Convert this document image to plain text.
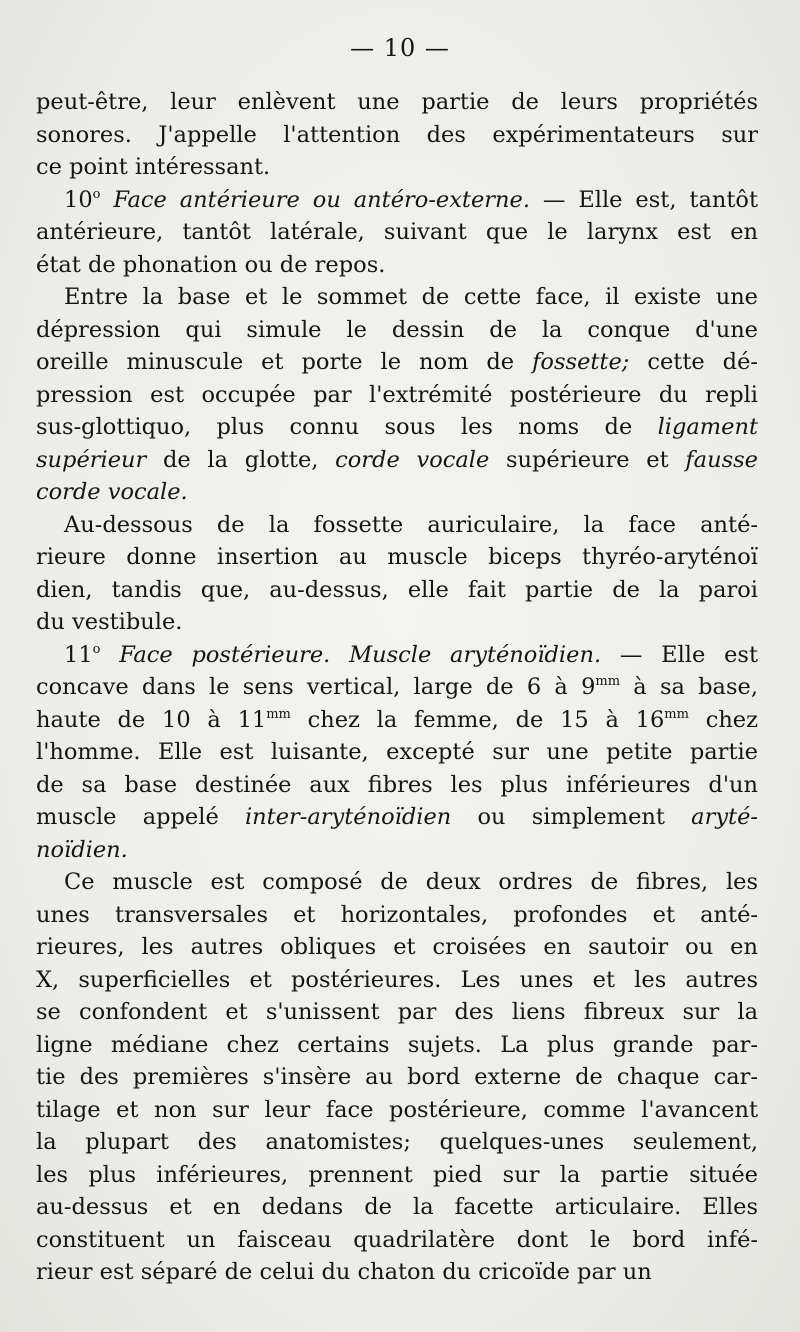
— 10 —
peut-être, leur enlèvent une partie de leurs propriétés
sonores. J'appelle l'attention des expérimentateurs sur
ce point intéressant.
10$^o$ Face antérieure ou antéro-externe. — Elle est, tantôt
antérieure, tantôt latérale, suivant que le larynx est en
état de phonation ou de repos.
Entre la base et le sommet de cette face, il existe une
dépression qui simule le dessin de la conque d'une
oreille minuscule et porte le nom de fossette; cette dé-
pression est occupée par l'extrémité postérieure du repli
sus-glottiquo, plus connu sous les noms de ligament
supérieur de la glotte, corde vocale supérieure et fausse
corde vocale.
Au-dessous de la fossette auriculaire, la face anté-
rieure donne insertion au muscle biceps thyréo-aryténoï
dien, tandis que, au-dessus, elle fait partie de la paroi
du vestibule.
11$^o$ Face postérieure. Muscle aryténoïdien. — Elle est
concave dans le sens vertical, large de 6 à $9^{mm}$ à sa base,
haute de 10 à $11^{mm}$ chez la femme, de 15 à $16^{mm}$ chez
l'homme. Elle est luisante, excepté sur une petite partie
de sa base destinée aux fibres les plus inférieures d'un
muscle appelé inter-aryténoïdien ou simplement aryté-
noïdien.
Ce muscle est composé de deux ordres de fibres, les
unes transversales et horizontales, profondes et anté-
rieures, les autres obliques et croisées en sautoir ou en
X, superficielles et postérieures. Les unes et les autres
se confondent et s'unissent par des liens fibreux sur la
ligne médiane chez certains sujets. La plus grande par-
tie des premières s'insère au bord externe de chaque car-
tilage et non sur leur face postérieure, comme l'avancent
la plupart des anatomistes; quelques-unes seulement,
les plus inférieures, prennent pied sur la partie située
au-dessus et en dedans de la facette articulaire. Elles
constituent un faisceau quadrilatère dont le bord infé-
rieur est séparé de celui du chaton du cricoïde par un
